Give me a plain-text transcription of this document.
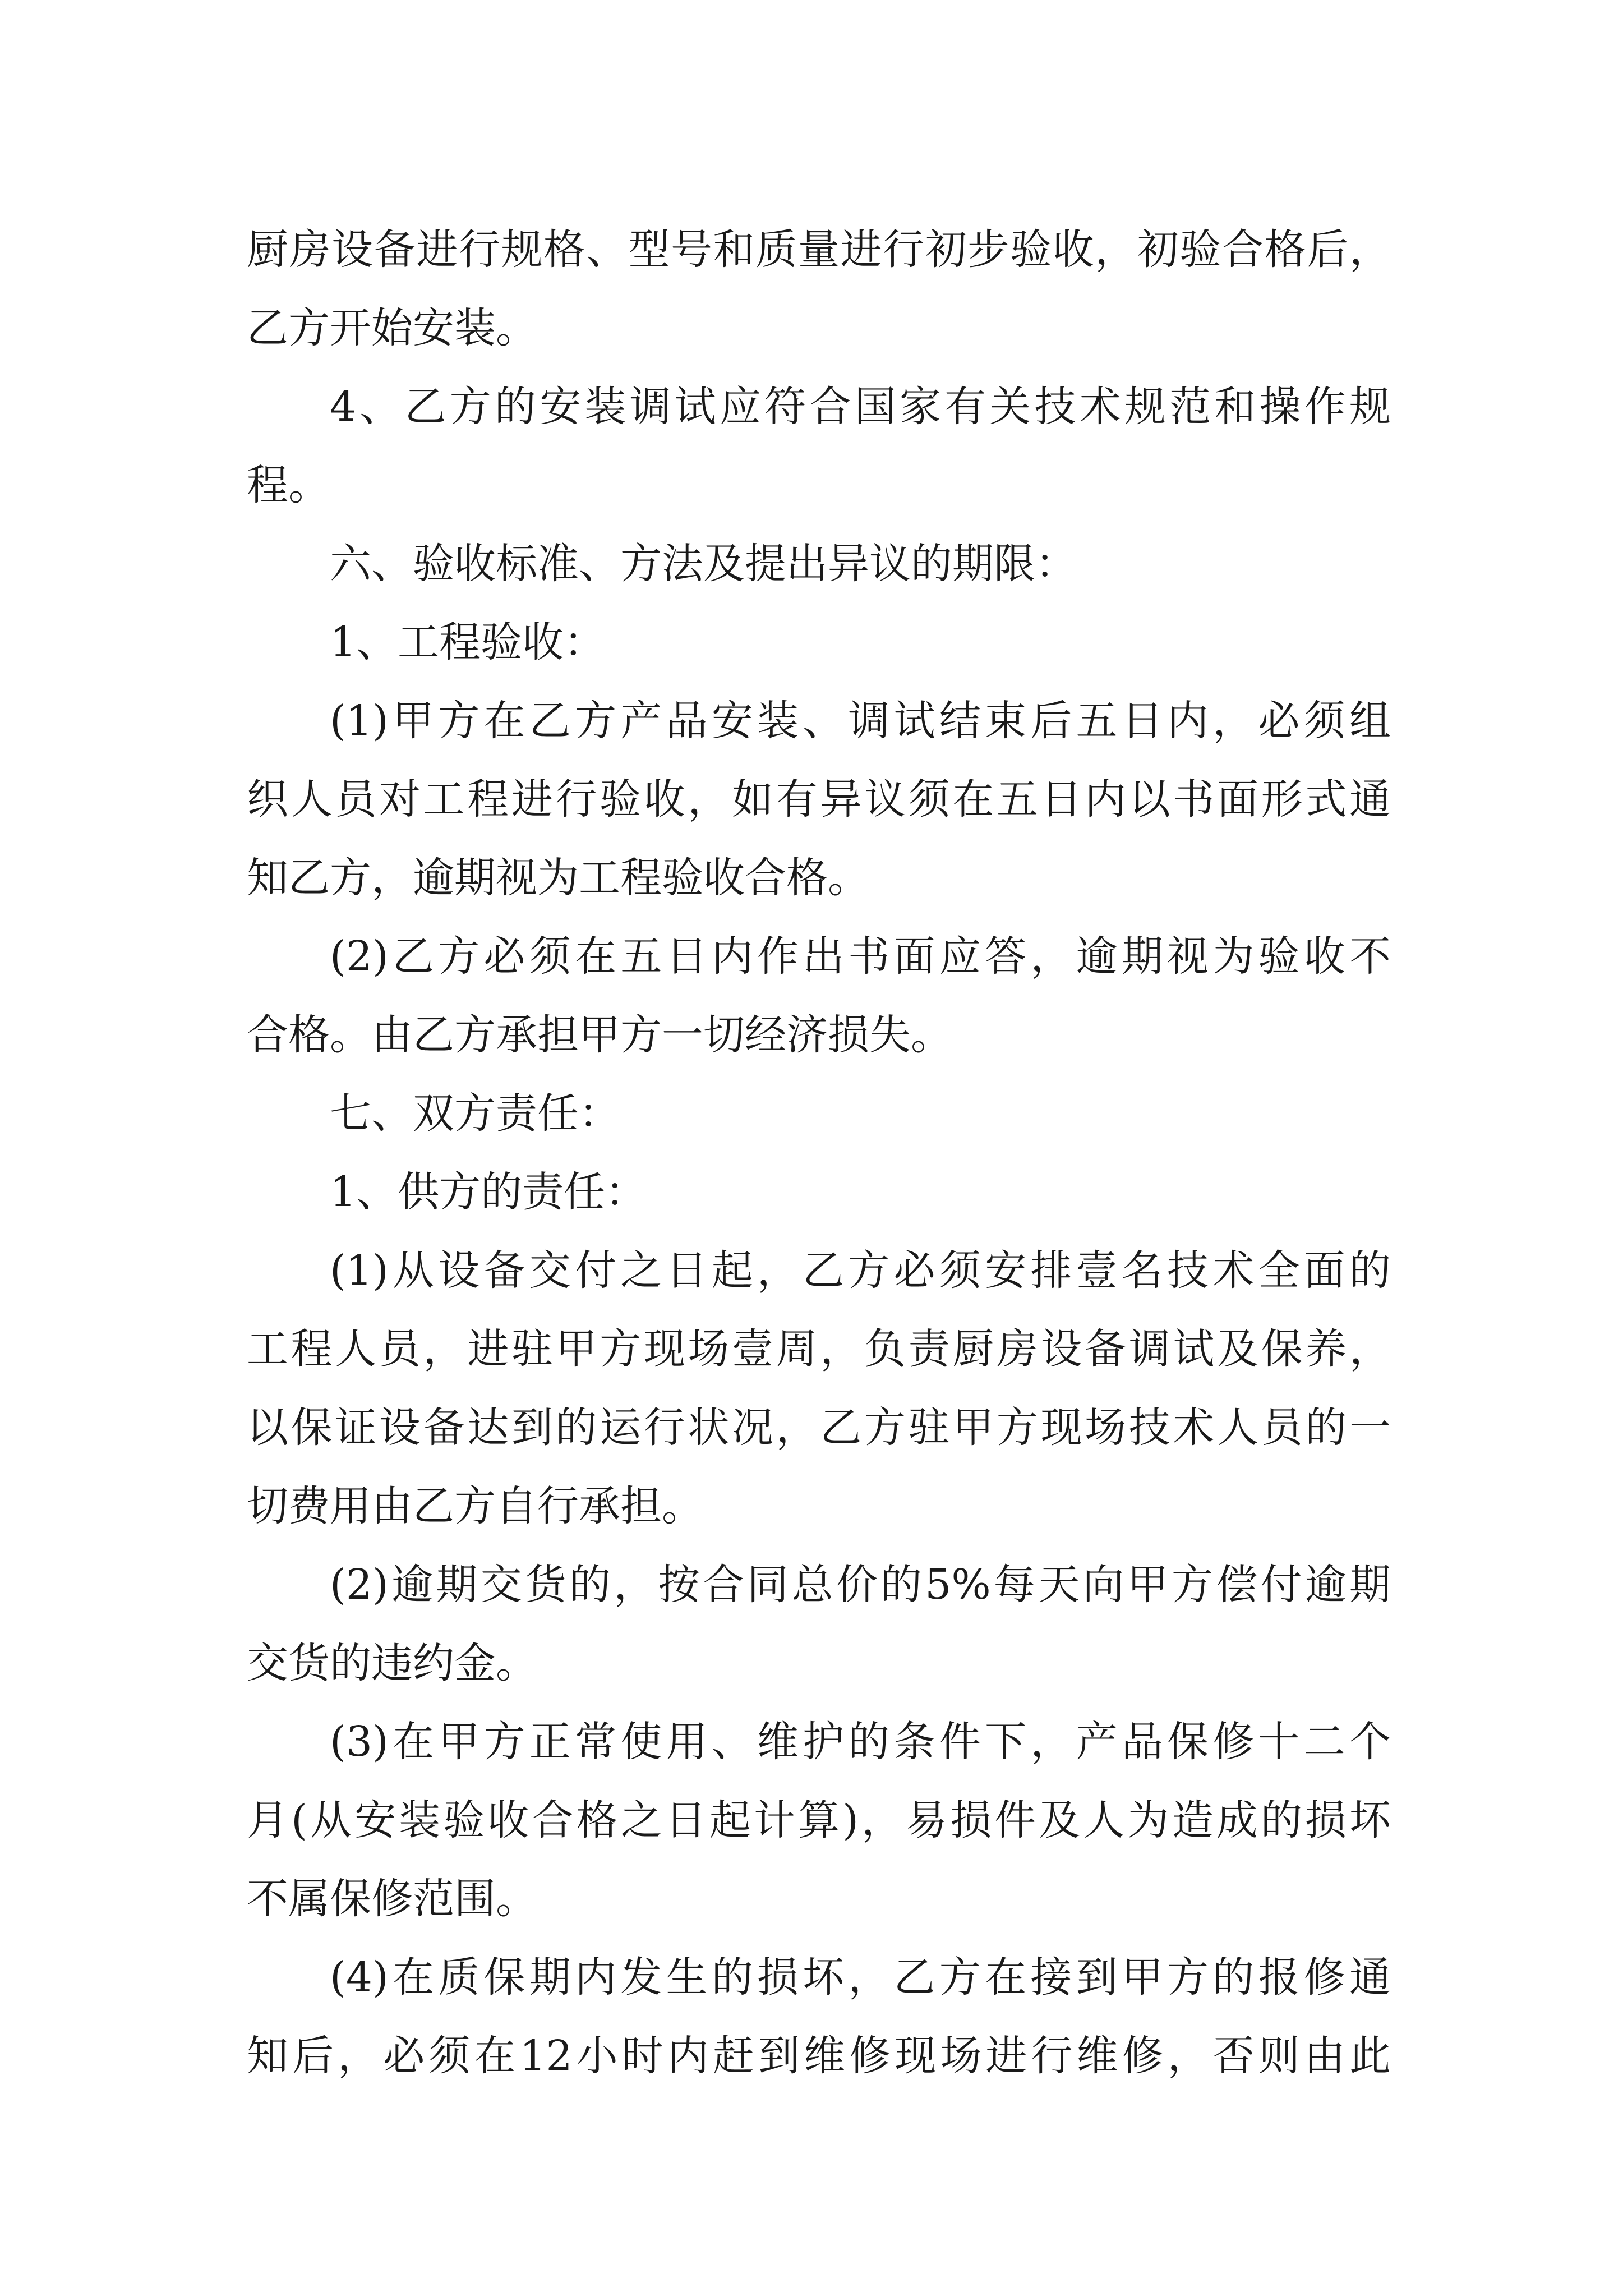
厨房设备进行规格、型号和质量进行初步验收，初验合格后，

乙方开始安装。

4、乙方的安装调试应符合国家有关技术规范和操作规

程。

六、验收标准、方法及提出异议的期限：

1、工程验收：

(1)甲方在乙方产品安装、调试结束后五日内，必须组

织人员对工程进行验收，如有异议须在五日内以书面形式通

知乙方，逾期视为工程验收合格。

(2)乙方必须在五日内作出书面应答，逾期视为验收不

合格。由乙方承担甲方一切经济损失。

七、双方责任：

1、供方的责任：

(1)从设备交付之日起，乙方必须安排壹名技术全面的

工程人员，进驻甲方现场壹周，负责厨房设备调试及保养，

以保证设备达到的运行状况，乙方驻甲方现场技术人员的一

切费用由乙方自行承担。

(2)逾期交货的，按合同总价的5%每天向甲方偿付逾期

交货的违约金。

(3)在甲方正常使用、维护的条件下，产品保修十二个

月(从安装验收合格之日起计算)，易损件及人为造成的损坏

不属保修范围。

(4)在质保期内发生的损坏，乙方在接到甲方的报修通

知后，必须在12小时内赶到维修现场进行维修，否则由此
